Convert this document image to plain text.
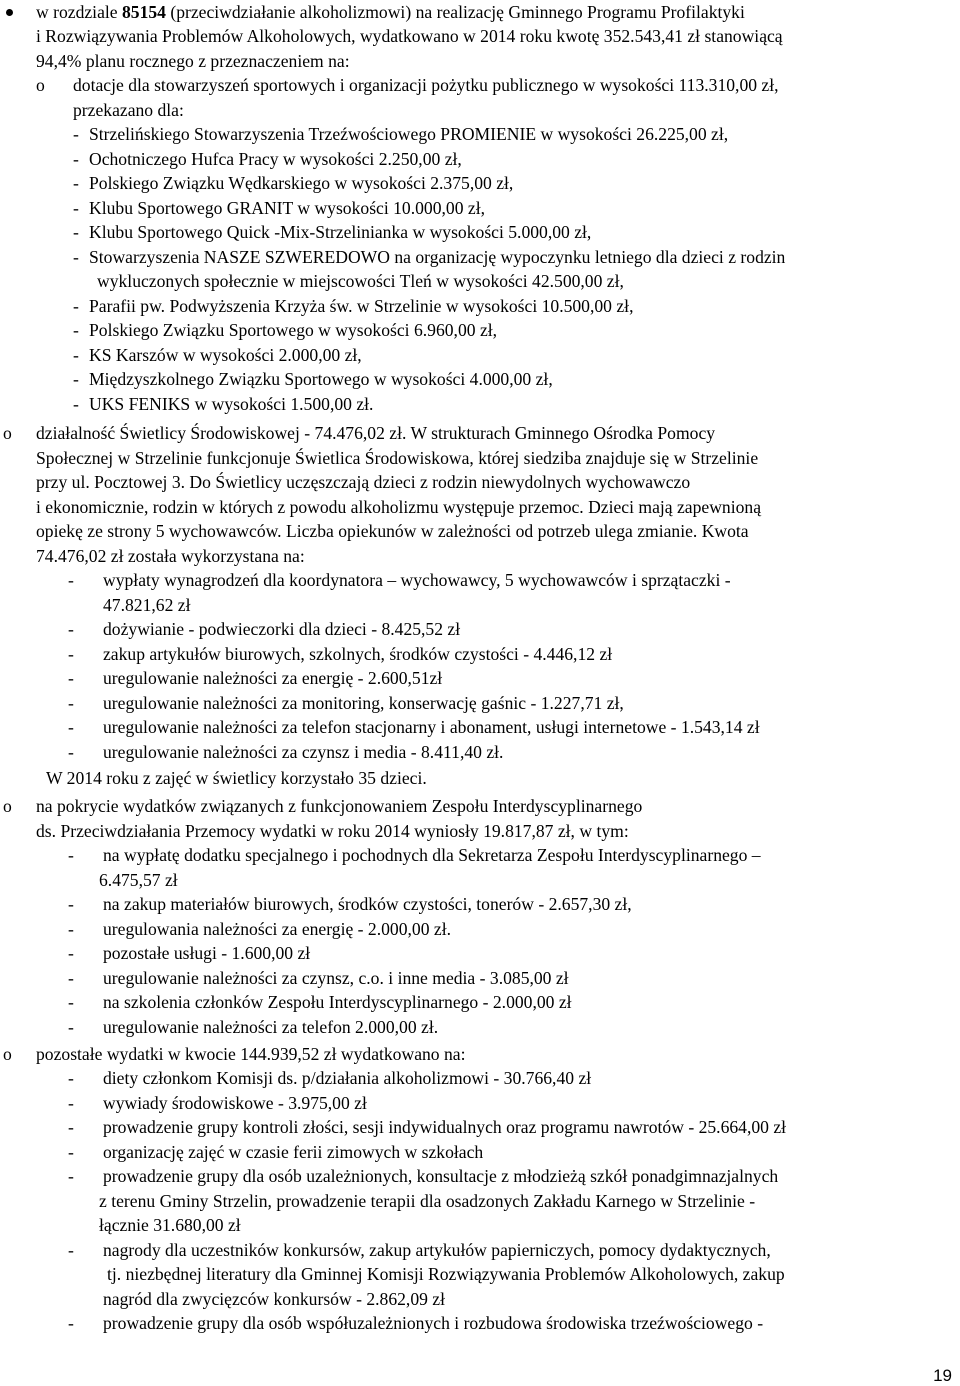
w rozdziale 85154 (przeciwdziałanie alkoholizmowi) na realizację Gminnego Programu Profilaktyki
i Rozwiązywania Problemów Alkoholowych, wydatkowano w 2014 roku kwotę 352.543,41 zł stanowiącą
94,4% planu rocznego z przeznaczeniem na:
o dotacje dla stowarzyszeń sportowych i organizacji pożytku publicznego w wysokości 113.310,00 zł,
przekazano dla:
- Strzelińskiego Stowarzyszenia Trzeźwościowego PROMIENIE w wysokości 26.225,00 zł,
- Ochotniczego Hufca Pracy w wysokości 2.250,00 zł,
- Polskiego Związku Wędkarskiego w wysokości 2.375,00 zł,
- Klubu Sportowego GRANIT w wysokości 10.000,00 zł,
- Klubu Sportowego Quick -Mix-Strzelinianka w wysokości 5.000,00 zł,
- Stowarzyszenia NASZE SZWEREDOWO na organizację wypoczynku letniego dla dzieci z rodzin
wykluczonych społecznie w miejscowości Tleń w wysokości 42.500,00 zł,
- Parafii pw. Podwyższenia Krzyża św. w Strzelinie w wysokości 10.500,00 zł,
- Polskiego Związku Sportowego w wysokości 6.960,00 zł,
- KS Karszów w wysokości 2.000,00 zł,
- Międzyszkolnego Związku Sportowego w wysokości 4.000,00 zł,
- UKS FENIKS w wysokości 1.500,00 zł.
o działalność Świetlicy Środowiskowej - 74.476,02 zł. W strukturach Gminnego Ośrodka Pomocy
Społecznej w Strzelinie funkcjonuje Świetlica Środowiskowa, której siedziba znajduje się w Strzelinie
przy ul. Pocztowej 3. Do Świetlicy uczęszczają dzieci z rodzin niewydolnych wychowawczo
i ekonomicznie, rodzin w których z powodu alkoholizmu występuje przemoc. Dzieci mają zapewnioną
opiekę ze strony 5 wychowawców. Liczba opiekunów w zależności od potrzeb ulega zmianie. Kwota
74.476,02 zł została wykorzystana na:
- wypłaty wynagrodzeń dla koordynatora – wychowawcy, 5 wychowawców i sprzątaczki -
47.821,62 zł
- dożywianie - podwieczorki dla dzieci - 8.425,52 zł
- zakup artykułów biurowych, szkolnych, środków czystości - 4.446,12 zł
- uregulowanie należności za energię - 2.600,51zł
- uregulowanie należności za monitoring, konserwację gaśnic - 1.227,71 zł,
- uregulowanie należności za telefon stacjonarny i abonament, usługi internetowe - 1.543,14 zł
- uregulowanie należności za czynsz i media - 8.411,40 zł.
W 2014 roku z zajęć w świetlicy korzystało 35 dzieci.
o na pokrycie wydatków związanych z funkcjonowaniem Zespołu Interdyscyplinarnego
ds. Przeciwdziałania Przemocy wydatki w roku 2014 wyniosły 19.817,87 zł, w tym:
- na wypłatę dodatku specjalnego i pochodnych dla Sekretarza Zespołu Interdyscyplinarnego –
6.475,57 zł
- na zakup materiałów biurowych, środków czystości, tonerów - 2.657,30 zł,
- uregulowania należności za energię - 2.000,00 zł.
- pozostałe usługi - 1.600,00 zł
- uregulowanie należności za czynsz, c.o. i inne media - 3.085,00 zł
- na szkolenia członków Zespołu Interdyscyplinarnego - 2.000,00 zł
- uregulowanie należności za telefon 2.000,00 zł.
o pozostałe wydatki w kwocie 144.939,52 zł wydatkowano na:
- diety członkom Komisji ds. p/działania alkoholizmowi - 30.766,40 zł
- wywiady środowiskowe - 3.975,00 zł
- prowadzenie grupy kontroli złości, sesji indywidualnych oraz programu nawrotów - 25.664,00 zł
- organizację zajęć w czasie ferii zimowych w szkołach
- prowadzenie grupy dla osób uzależnionych, konsultacje z młodzieżą szkół ponadgimnazjalnych
z terenu Gminy Strzelin, prowadzenie terapii dla osadzonych Zakładu Karnego w Strzelinie -
łącznie 31.680,00 zł
- nagrody dla uczestników konkursów, zakup artykułów papierniczych, pomocy dydaktycznych,
tj. niezbędnej literatury dla Gminnej Komisji Rozwiązywania Problemów Alkoholowych, zakup
nagród dla zwycięzców konkursów - 2.862,09 zł
- prowadzenie grupy dla osób współuzależnionych i rozbudowa środowiska trzeźwościowego -
19
